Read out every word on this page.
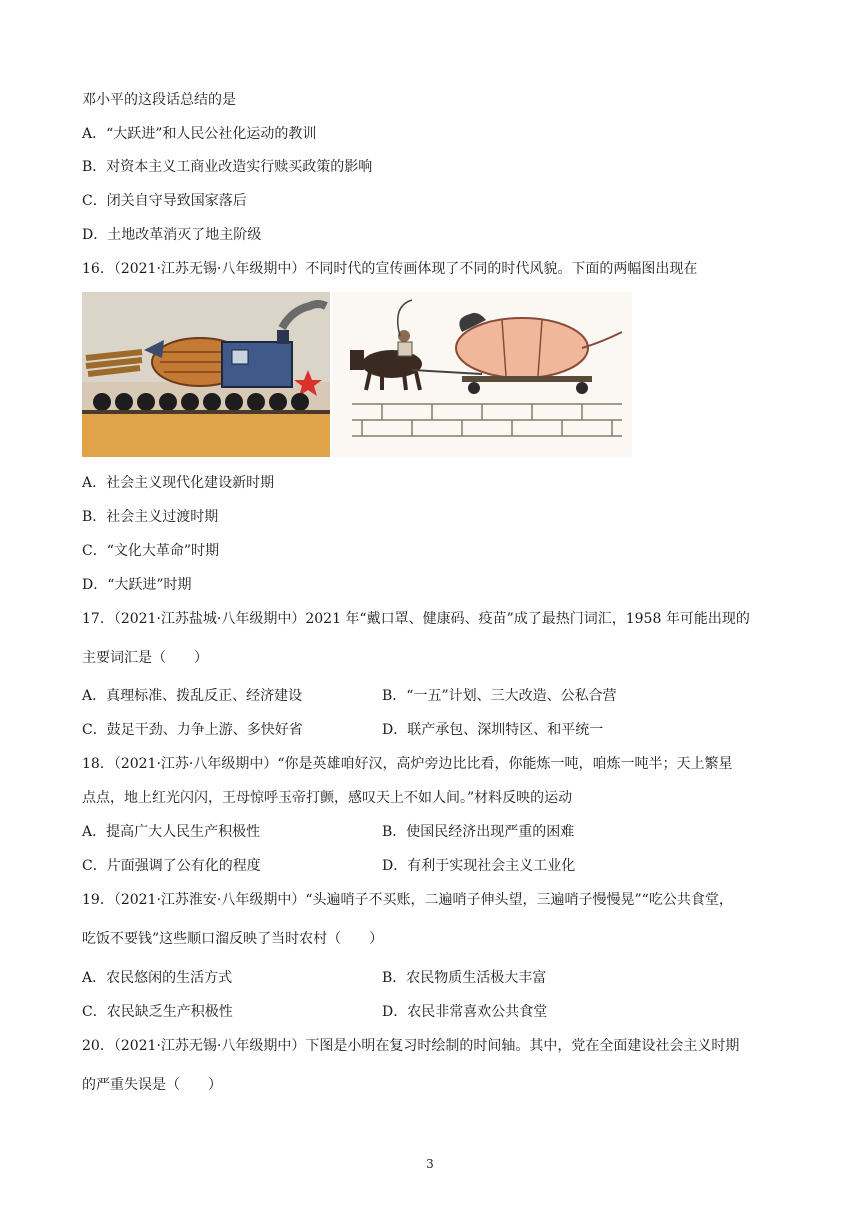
邓小平的这段话总结的是
A．“大跃进”和人民公社化运动的教训
B．对资本主义工商业改造实行赎买政策的影响
C．闭关自守导致国家落后
D．土地改革消灭了地主阶级
16．（2021·江苏无锡·八年级期中）不同时代的宣传画体现了不同的时代风貌。下面的两幅图出现在
A．社会主义现代化建设新时期
B．社会主义过渡时期
C．“文化大革命”时期
D．“大跃进”时期
17．（2021·江苏盐城·八年级期中）2021 年“戴口罩、健康码、疫苗”成了最热门词汇，1958 年可能出现的
主要词汇是（　　）
A．真理标准、拨乱反正、经济建设	B．“一五”计划、三大改造、公私合营
C．鼓足干劲、力争上游、多快好省	D．联产承包、深圳特区、和平统一
18．（2021·江苏·八年级期中）“你是英雄咱好汉，高炉旁边比比看，你能炼一吨，咱炼一吨半；天上繁星
点点，地上红光闪闪，王母惊呼玉帝打颤，感叹天上不如人间。”材料反映的运动
A．提高广大人民生产积极性	B．使国民经济出现严重的困难
C．片面强调了公有化的程度	D．有利于实现社会主义工业化
19．（2021·江苏淮安·八年级期中）“头遍哨子不买账，二遍哨子伸头望，三遍哨子慢慢晃”“吃公共食堂，
吃饭不要钱”这些顺口溜反映了当时农村（　　）
A．农民悠闲的生活方式	B．农民物质生活极大丰富
C．农民缺乏生产积极性	D．农民非常喜欢公共食堂
20．（2021·江苏无锡·八年级期中）下图是小明在复习时绘制的时间轴。其中，党在全面建设社会主义时期
的严重失误是（　　）
3
